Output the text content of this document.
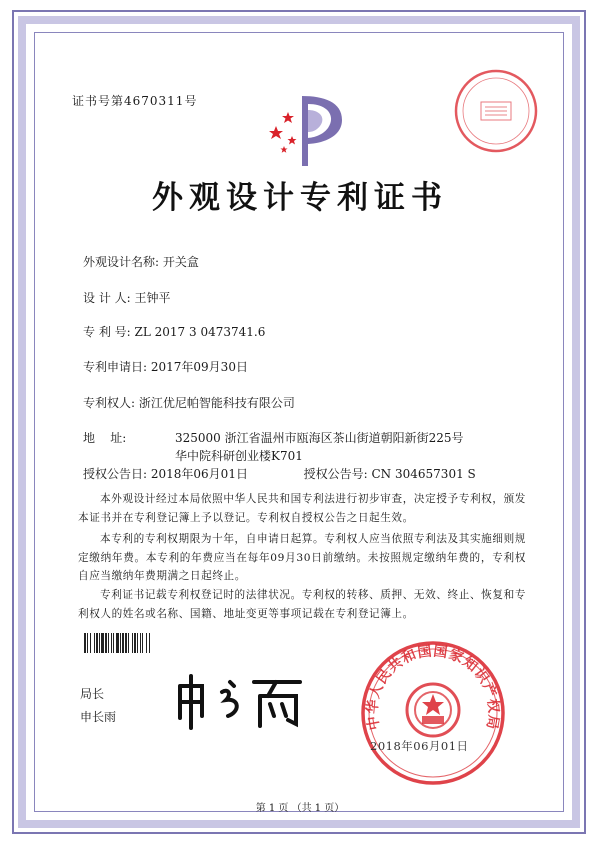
证书号第4670311号
外观设计专利证书
外观设计名称: 开关盒
设 计 人: 王钟平
专 利 号: ZL 2017 3 0473741.6
专利申请日: 2017年09月30日
专利权人: 浙江优尼帕智能科技有限公司
地    址:	325000 浙江省温州市瓯海区茶山街道朝阳新街225号华中院科研创业楼K701
授权公告日: 2018年06月01日	授权公告号: CN 304657301 S
本外观设计经过本局依照中华人民共和国专利法进行初步审查，决定授予专利权，颁发本证书并在专利登记簿上予以登记。专利权自授权公告之日起生效。
本专利的专利权期限为十年，自申请日起算。专利权人应当依照专利法及其实施细则规定缴纳年费。本专利的年费应当在每年09月30日前缴纳。未按照规定缴纳年费的，专利权自应当缴纳年费期满之日起终止。
专利证书记载专利权登记时的法律状况。专利权的转移、质押、无效、终止、恢复和专利权人的姓名或名称、国籍、地址变更等事项记载在专利登记簿上。
局长
申长雨	中华人民共和国国家知识产权局
2018年06月01日
第 1 页 （共 1 页）
